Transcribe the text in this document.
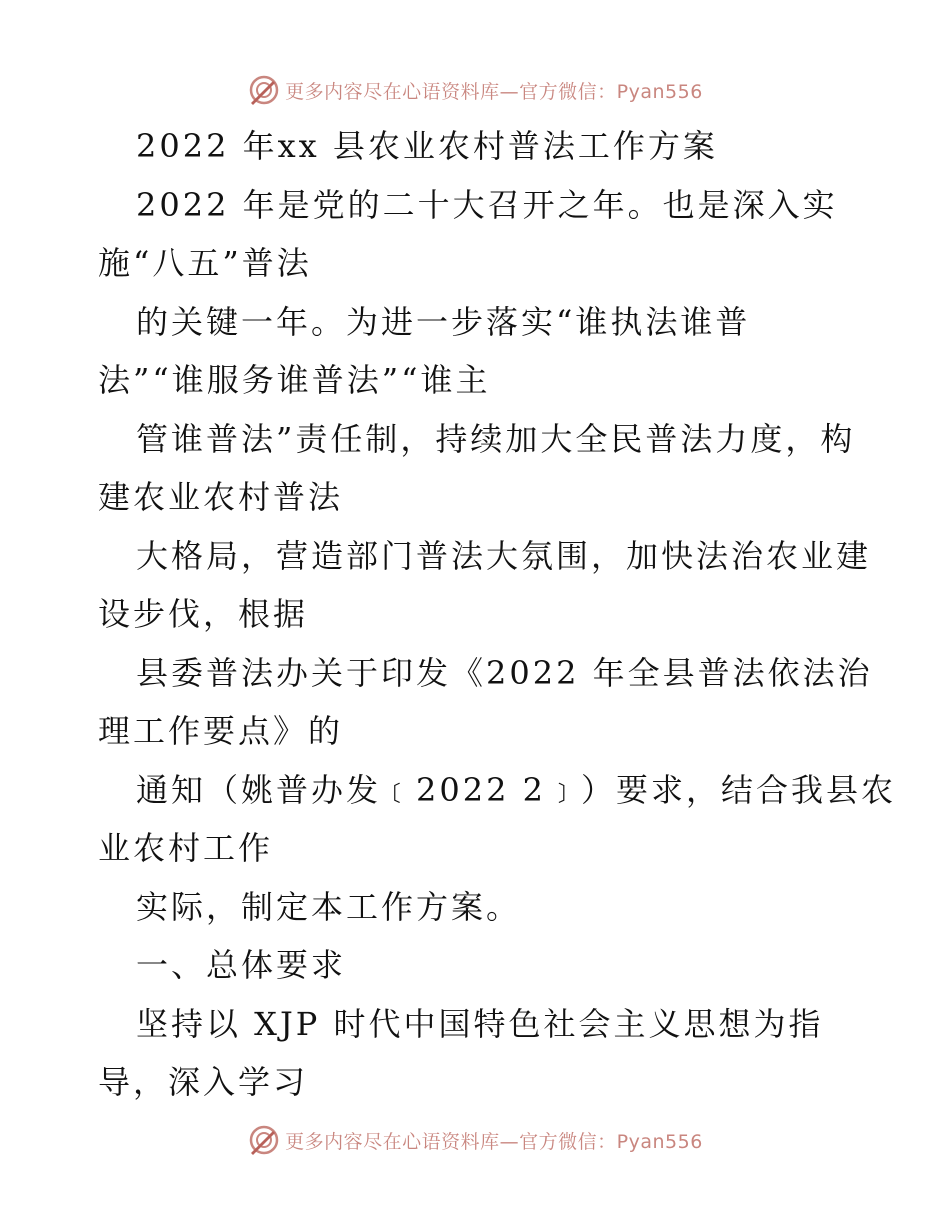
更多内容尽在心语资料库—官方微信：Pyan556
2022 年xx 县农业农村普法工作方案
2022 年是党的二十大召开之年。也是深入实
施“八五”普法
的关键一年。为进一步落实“谁执法谁普
法”“谁服务谁普法”“谁主
管谁普法”责任制，持续加大全民普法力度，构
建农业农村普法
大格局，营造部门普法大氛围，加快法治农业建
设步伐，根据
县委普法办关于印发《2022 年全县普法依法治
理工作要点》的
通知（姚普办发﹝2022 2﹞）要求，结合我县农
业农村工作
实际，制定本工作方案。
一、总体要求
坚持以 XJP 时代中国特色社会主义思想为指
导，深入学习
更多内容尽在心语资料库—官方微信：Pyan556
